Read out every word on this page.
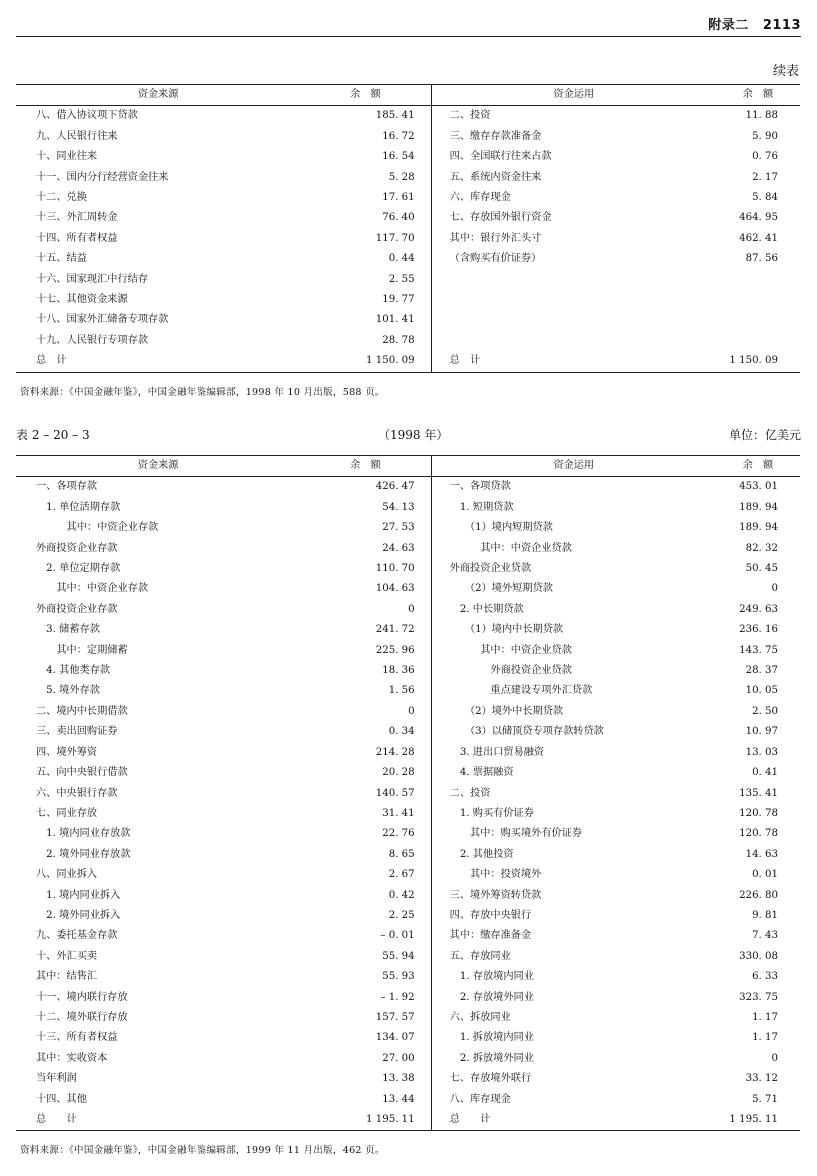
附录二 2113
续表
资金来源	余　额	资金运用	余　额
八、借入协议项下贷款	185. 41	二、投资	11. 88
九、人民银行往来	16. 72	三、缴存存款准备金	5. 90
十、同业往来	16. 54	四、全国联行往来占款	0. 76
十一、国内分行经营资金往来	5. 28	五、系统内资金往来	2. 17
十二、兑换	17. 61	六、库存现金	5. 84
十三、外汇周转金	76. 40	七、存放国外银行资金	464. 95
十四、所有者权益	117. 70	其中：银行外汇头寸	462. 41
十五、结益	0. 44	（含购买有价证券）	87. 56
十六、国家现汇中行结存	2. 55		
十七、其他资金来源	19. 77		
十八、国家外汇储备专项存款	101. 41		
十九、人民银行专项存款	28. 78		
总　计	1 150. 09	总　计	1 150. 09
资料来源：《中国金融年鉴》，中国金融年鉴编辑部，1998 年 10 月出版，588 页。
表 2 – 20 – 3	（1998 年）	单位：亿美元
资金来源	余　额	资金运用	余　额
一、各项存款	426. 47	一、各项贷款	453. 01
　1. 单位活期存款	54. 13	　1. 短期贷款	189. 94
　　　其中：中资企业存款	27. 53	　　（1）境内短期贷款	189. 94
外商投资企业存款	24. 63	　　　其中：中资企业贷款	82. 32
　2. 单位定期存款	110. 70	外商投资企业贷款	50. 45
　　其中：中资企业存款	104. 63	　　（2）境外短期贷款	0
外商投资企业存款	0	　2. 中长期贷款	249. 63
　3. 储蓄存款	241. 72	　　（1）境内中长期贷款	236. 16
　　其中：定期储蓄	225. 96	　　　其中：中资企业贷款	143. 75
　4. 其他类存款	18. 36	　　　　外商投资企业贷款	28. 37
　5. 境外存款	1. 56	　　　　重点建设专项外汇贷款	10. 05
二、境内中长期借款	0	　　（2）境外中长期贷款	2. 50
三、卖出回购证券	0. 34	　　（3）以储顶贷专项存款转贷款	10. 97
四、境外筹资	214. 28	　3. 进出口贸易融资	13. 03
五、向中央银行借款	20. 28	　4. 票据融资	0. 41
六、中央银行存款	140. 57	二、投资	135. 41
七、同业存放	31. 41	　1. 购买有价证券	120. 78
　1. 境内同业存放款	22. 76	　　其中：购买境外有价证券	120. 78
　2. 境外同业存放款	8. 65	　2. 其他投资	14. 63
八、同业拆入	2. 67	　　其中：投资境外	0. 01
　1. 境内同业拆入	0. 42	三、境外筹资转贷款	226. 80
　2. 境外同业拆入	2. 25	四、存放中央银行	9. 81
九、委托基金存款	– 0. 01	其中：缴存准备金	7. 43
十、外汇买卖	55. 94	五、存放同业	330. 08
其中：结售汇	55. 93	　1. 存放境内同业	6. 33
十一、境内联行存放	– 1. 92	　2. 存放境外同业	323. 75
十二、境外联行存放	157. 57	六、拆放同业	1. 17
十三、所有者权益	134. 07	　1. 拆放境内同业	1. 17
其中：实收资本	27. 00	　2. 拆放境外同业	0
当年利润	13. 38	七、存放境外联行	33. 12
十四、其他	13. 44	八、库存现金	5. 71
总　　计	1 195. 11	总　　计	1 195. 11
资料来源：《中国金融年鉴》，中国金融年鉴编辑部，1999 年 11 月出版，462 页。
